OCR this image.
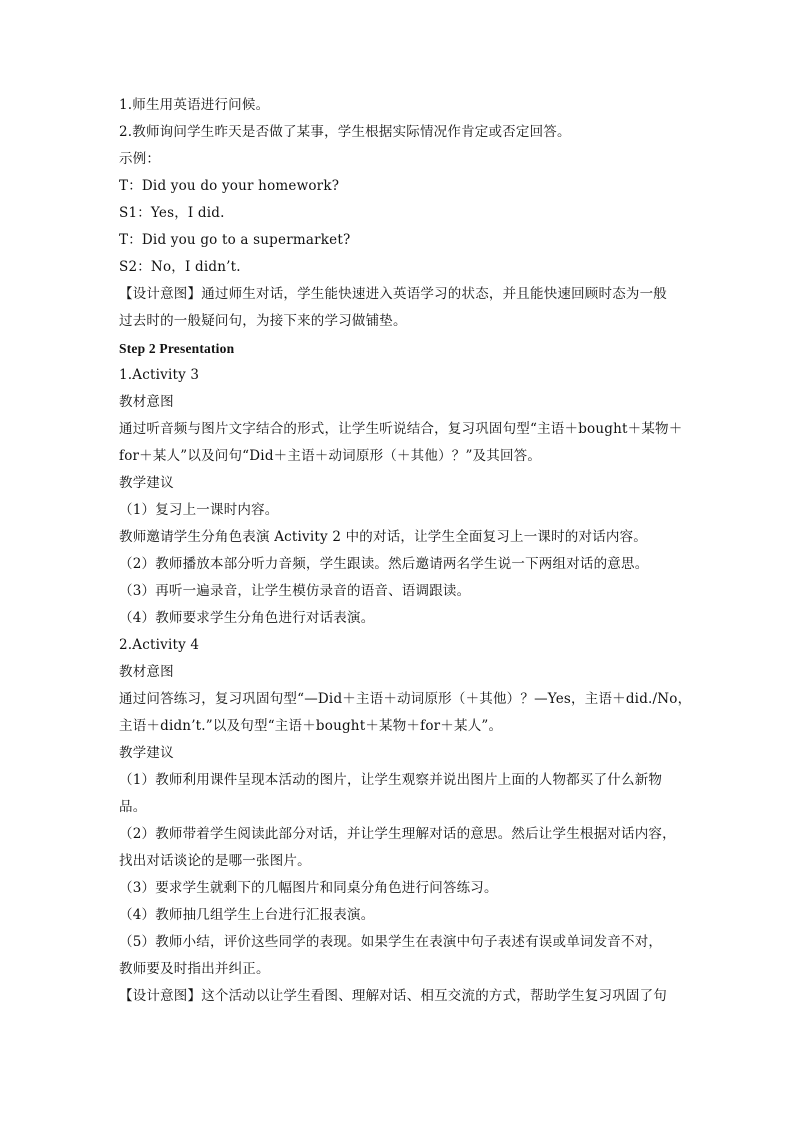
1.师生用英语进行问候。
2.教师询问学生昨天是否做了某事，学生根据实际情况作肯定或否定回答。
示例：
T：Did you do your homework?
S1：Yes，I did.
T：Did you go to a supermarket?
S2：No，I didn’t.
【设计意图】通过师生对话，学生能快速进入英语学习的状态，并且能快速回顾时态为一般
过去时的一般疑问句，为接下来的学习做铺垫。
Step 2 Presentation
1.Activity 3
教材意图
通过听音频与图片文字结合的形式，让学生听说结合，复习巩固句型“主语＋bought＋某物＋
for＋某人”以及问句“Did＋主语＋动词原形（＋其他）？”及其回答。
教学建议
（1）复习上一课时内容。
教师邀请学生分角色表演 Activity 2 中的对话，让学生全面复习上一课时的对话内容。
（2）教师播放本部分听力音频，学生跟读。然后邀请两名学生说一下两组对话的意思。
（3）再听一遍录音，让学生模仿录音的语音、语调跟读。
（4）教师要求学生分角色进行对话表演。
2.Activity 4
教材意图
通过问答练习，复习巩固句型“—Did＋主语＋动词原形（＋其他）？—Yes，主语＋did./No，
主语＋didn’t.”以及句型“主语＋bought＋某物＋for＋某人”。
教学建议
（1）教师利用课件呈现本活动的图片，让学生观察并说出图片上面的人物都买了什么新物
品。
（2）教师带着学生阅读此部分对话，并让学生理解对话的意思。然后让学生根据对话内容，
找出对话谈论的是哪一张图片。
（3）要求学生就剩下的几幅图片和同桌分角色进行问答练习。
（4）教师抽几组学生上台进行汇报表演。
（5）教师小结，评价这些同学的表现。如果学生在表演中句子表述有误或单词发音不对，
教师要及时指出并纠正。
【设计意图】这个活动以让学生看图、理解对话、相互交流的方式，帮助学生复习巩固了句
